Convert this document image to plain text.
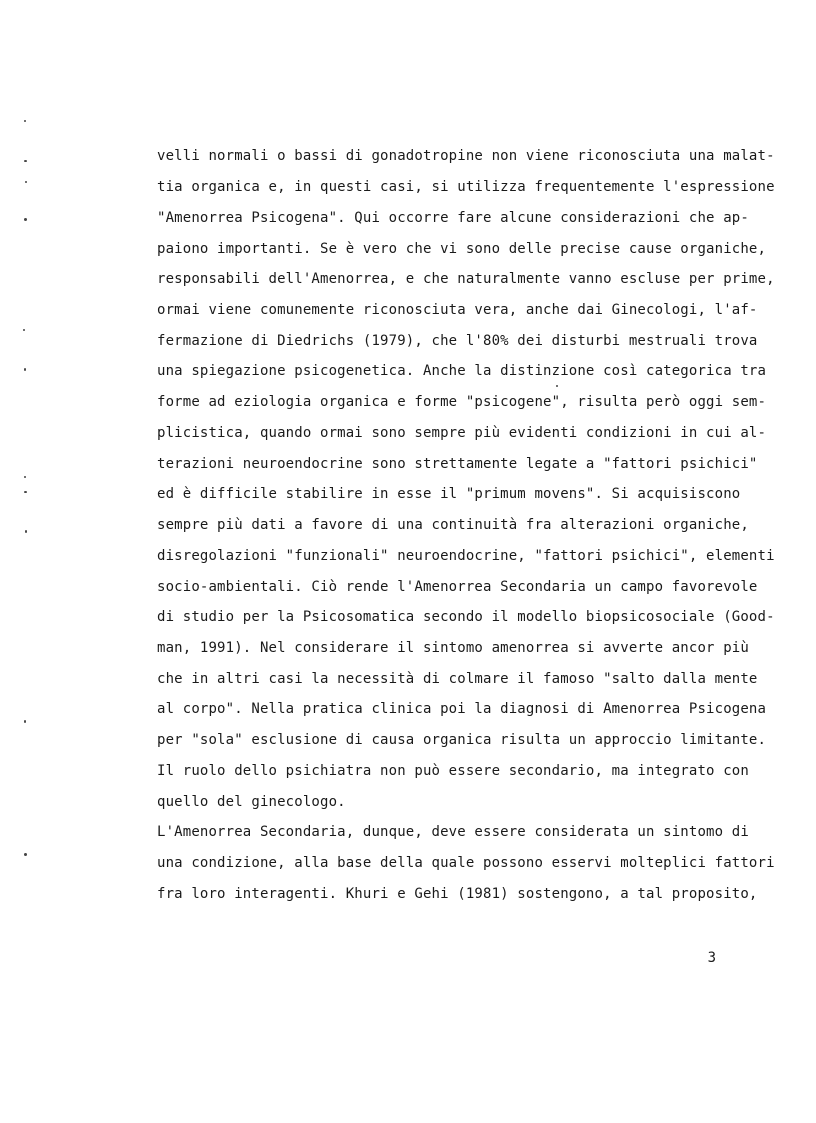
velli normali o bassi di gonadotropine non viene riconosciuta una malat-
tia organica e, in questi casi, si utilizza frequentemente l'espressione
"Amenorrea Psicogena". Qui occorre fare alcune considerazioni che ap-
paiono importanti. Se è vero che vi sono delle precise cause organiche,
responsabili dell'Amenorrea, e che naturalmente vanno escluse per prime,
ormai viene comunemente riconosciuta vera, anche dai Ginecologi, l'af-
fermazione di Diedrichs (1979), che l'80% dei disturbi mestruali trova
una spiegazione psicogenetica. Anche la distinzione così categorica tra
forme ad eziologia organica e forme "psicogene", risulta però oggi sem-
plicistica, quando ormai sono sempre più evidenti condizioni in cui al-
terazioni neuroendocrine sono strettamente legate a "fattori psichici"
ed è difficile stabilire in esse il "primum movens". Si acquisiscono
sempre più dati a favore di una continuità fra alterazioni organiche,
disregolazioni "funzionali" neuroendocrine, "fattori psichici", elementi
socio-ambientali. Ciò rende l'Amenorrea Secondaria un campo favorevole
di studio per la Psicosomatica secondo il modello biopsicosociale (Good-
man, 1991). Nel considerare il sintomo amenorrea si avverte ancor più
che in altri casi la necessità di colmare il famoso "salto dalla mente
al corpo". Nella pratica clinica poi la diagnosi di Amenorrea Psicogena
per "sola" esclusione di causa organica risulta un approccio limitante.
Il ruolo dello psichiatra non può essere secondario, ma integrato con
quello del ginecologo.
L'Amenorrea Secondaria, dunque, deve essere considerata un sintomo di
una condizione, alla base della quale possono esservi molteplici fattori
fra loro interagenti. Khuri e Gehi (1981) sostengono, a tal proposito,
3
